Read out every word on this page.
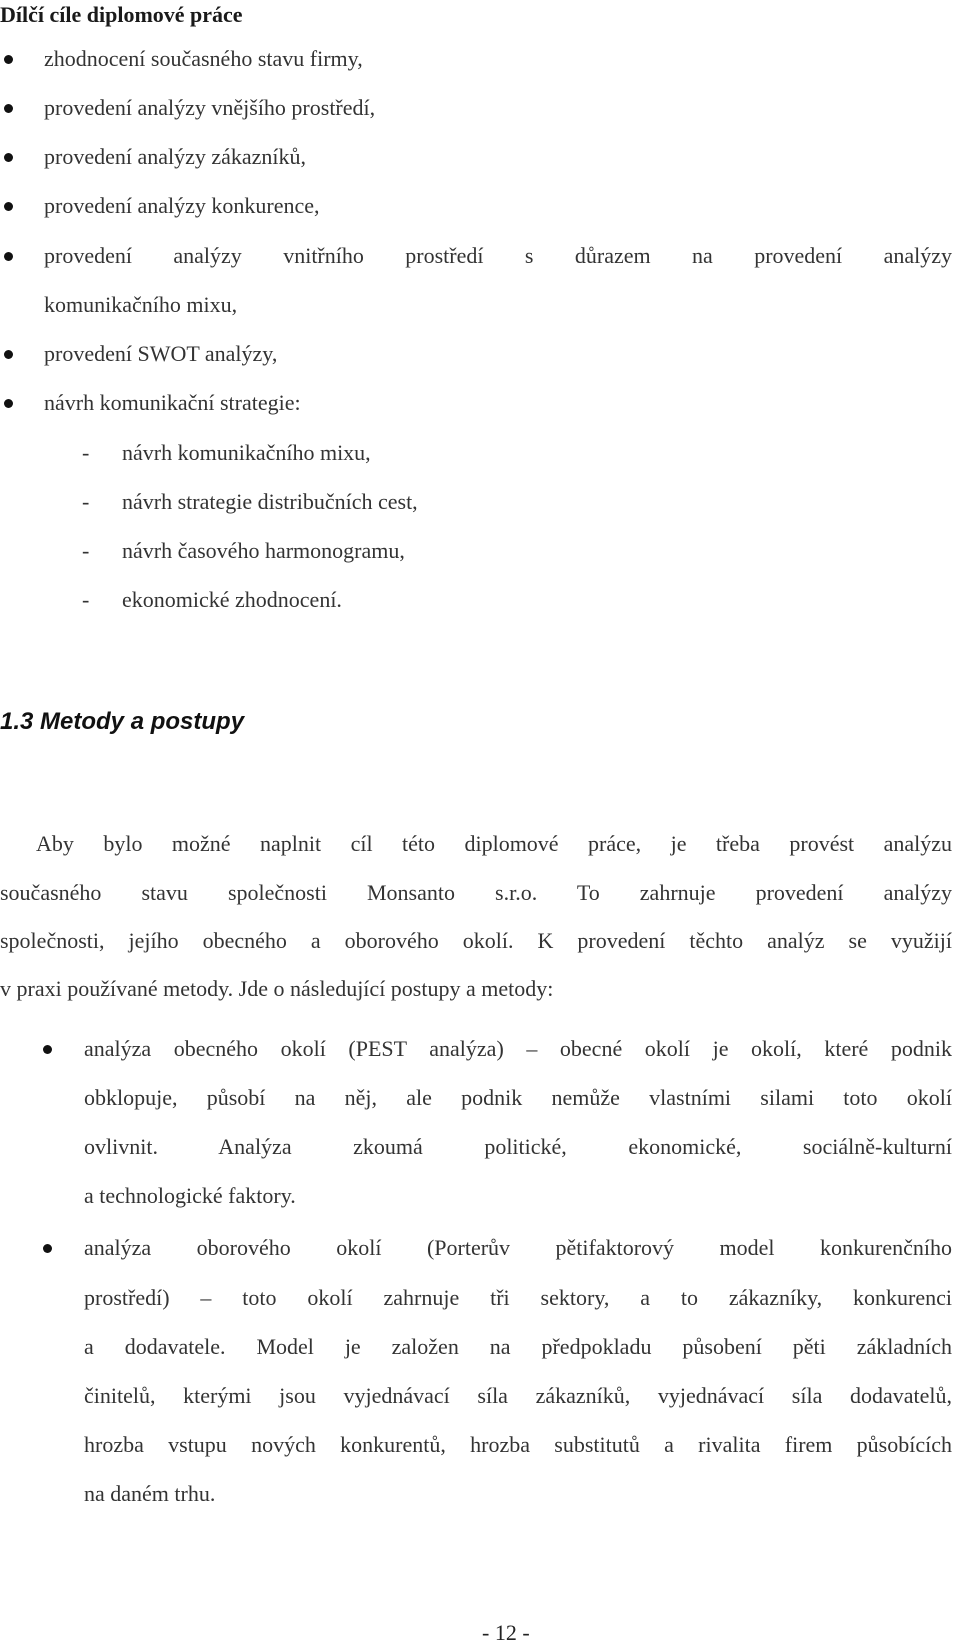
Dílčí cíle diplomové práce
zhodnocení současného stavu firmy,
provedení analýzy vnějšího prostředí,
provedení analýzy zákazníků,
provedení analýzy konkurence,
provedení analýzy vnitřního prostředí s důrazem na provedení analýzy
komunikačního mixu,
provedení SWOT analýzy,
návrh komunikační strategie:
- návrh komunikačního mixu,
- návrh strategie distribučních cest,
- návrh časového harmonogramu,
- ekonomické zhodnocení.
1.3 Metody a postupy
Aby bylo možné naplnit cíl této diplomové práce, je třeba provést analýzu
současného stavu společnosti Monsanto s.r.o. To zahrnuje provedení analýzy
společnosti, jejího obecného a oborového okolí. K provedení těchto analýz se využijí
v praxi používané metody. Jde o následující postupy a metody:
analýza obecného okolí (PEST analýza) – obecné okolí je okolí, které podnik
obklopuje, působí na něj, ale podnik nemůže vlastními silami toto okolí
ovlivnit. Analýza zkoumá politické, ekonomické, sociálně-kulturní
a technologické faktory.
analýza oborového okolí (Porterův pětifaktorový model konkurenčního
prostředí) – toto okolí zahrnuje tři sektory, a to zákazníky, konkurenci
a dodavatele. Model je založen na předpokladu působení pěti základních
činitelů, kterými jsou vyjednávací síla zákazníků, vyjednávací síla dodavatelů,
hrozba vstupu nových konkurentů, hrozba substitutů a rivalita firem působících
na daném trhu.
- 12 -
